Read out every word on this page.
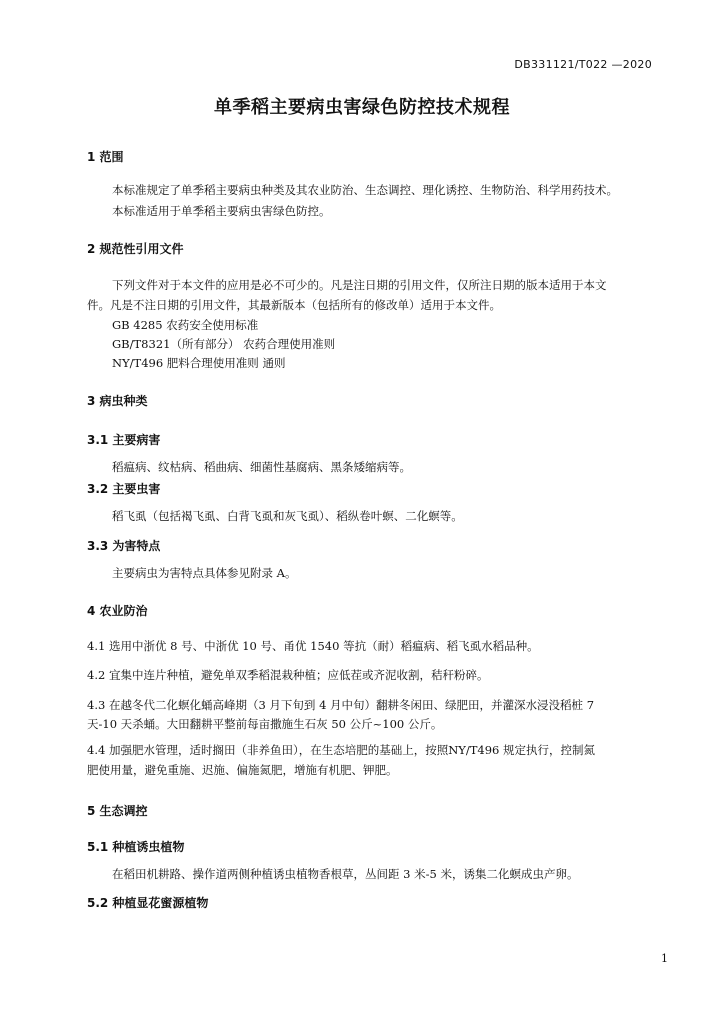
DB331121/T022 —2020
单季稻主要病虫害绿色防控技术规程
1 范围
本标准规定了单季稻主要病虫种类及其农业防治、生态调控、理化诱控、生物防治、科学用药技术。
本标准适用于单季稻主要病虫害绿色防控。
2 规范性引用文件
下列文件对于本文件的应用是必不可少的。凡是注日期的引用文件，仅所注日期的版本适用于本文
件。凡是不注日期的引用文件，其最新版本（包括所有的修改单）适用于本文件。
GB 4285 农药安全使用标准
GB/T8321（所有部分） 农药合理使用准则
NY/T496 肥料合理使用准则 通则
3 病虫种类
3.1 主要病害
稻瘟病、纹枯病、稻曲病、细菌性基腐病、黑条矮缩病等。
3.2 主要虫害
稻飞虱（包括褐飞虱、白背飞虱和灰飞虱）、稻纵卷叶螟、二化螟等。
3.3 为害特点
主要病虫为害特点具体参见附录 A。
4 农业防治
4.1 选用中浙优 8 号、中浙优 10 号、甬优 1540 等抗（耐）稻瘟病、稻飞虱水稻品种。
4.2 宜集中连片种植，避免单双季稻混栽种植；应低茬或齐泥收割，秸秆粉碎。
4.3 在越冬代二化螟化蛹高峰期（3 月下旬到 4 月中旬）翻耕冬闲田、绿肥田，并灌深水浸没稻桩 7
天-10 天杀蛹。大田翻耕平整前每亩撒施生石灰 50 公斤~100 公斤。
4.4 加强肥水管理，适时搁田（非养鱼田），在生态培肥的基础上，按照NY/T496 规定执行，控制氮
肥使用量，避免重施、迟施、偏施氮肥，增施有机肥、钾肥。
5 生态调控
5.1 种植诱虫植物
在稻田机耕路、操作道两侧种植诱虫植物香根草，丛间距 3 米-5 米，诱集二化螟成虫产卵。
5.2 种植显花蜜源植物
1
